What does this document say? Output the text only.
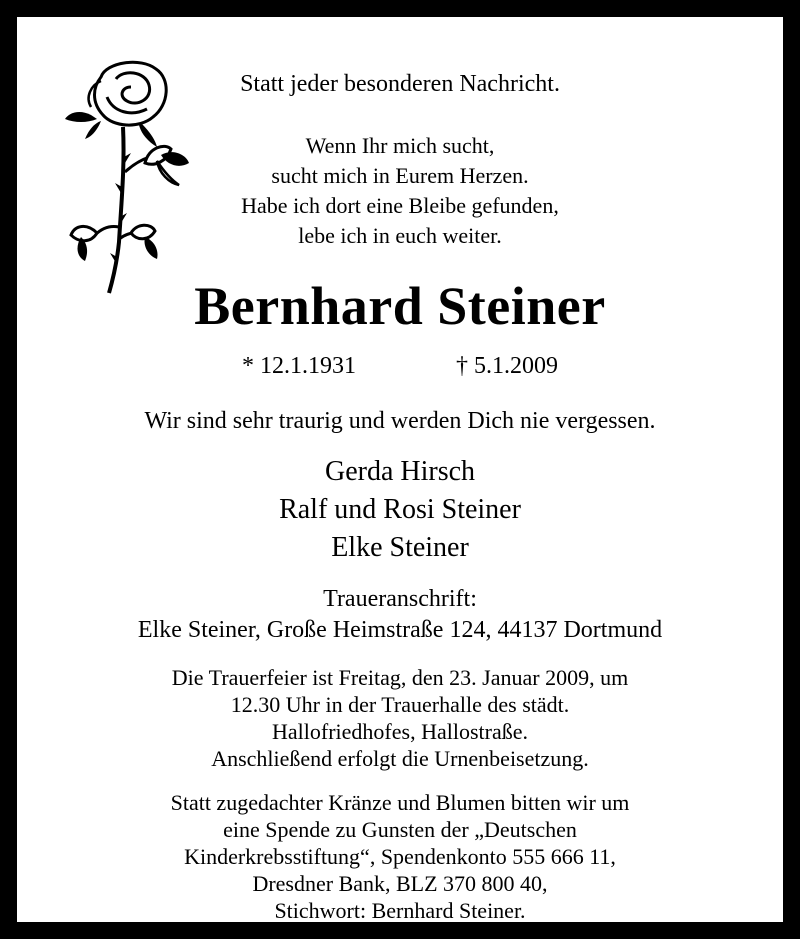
Statt jeder besonderen Nachricht.
Wenn Ihr mich sucht,
sucht mich in Eurem Herzen.
Habe ich dort eine Bleibe gefunden,
lebe ich in euch weiter.
Bernhard Steiner
* 12.1.1931	† 5.1.2009
Wir sind sehr traurig und werden Dich nie vergessen.
Gerda Hirsch
Ralf und Rosi Steiner
Elke Steiner
Traueranschrift:
Elke Steiner, Große Heimstraße 124, 44137 Dortmund
Die Trauerfeier ist Freitag, den 23. Januar 2009, um
12.30 Uhr in der Trauerhalle des städt.
Hallofriedhofes, Hallostraße.
Anschließend erfolgt die Urnenbeisetzung.
Statt zugedachter Kränze und Blumen bitten wir um
eine Spende zu Gunsten der „Deutschen
Kinderkrebsstiftung“, Spendenkonto 555 666 11,
Dresdner Bank, BLZ 370 800 40,
Stichwort: Bernhard Steiner.
